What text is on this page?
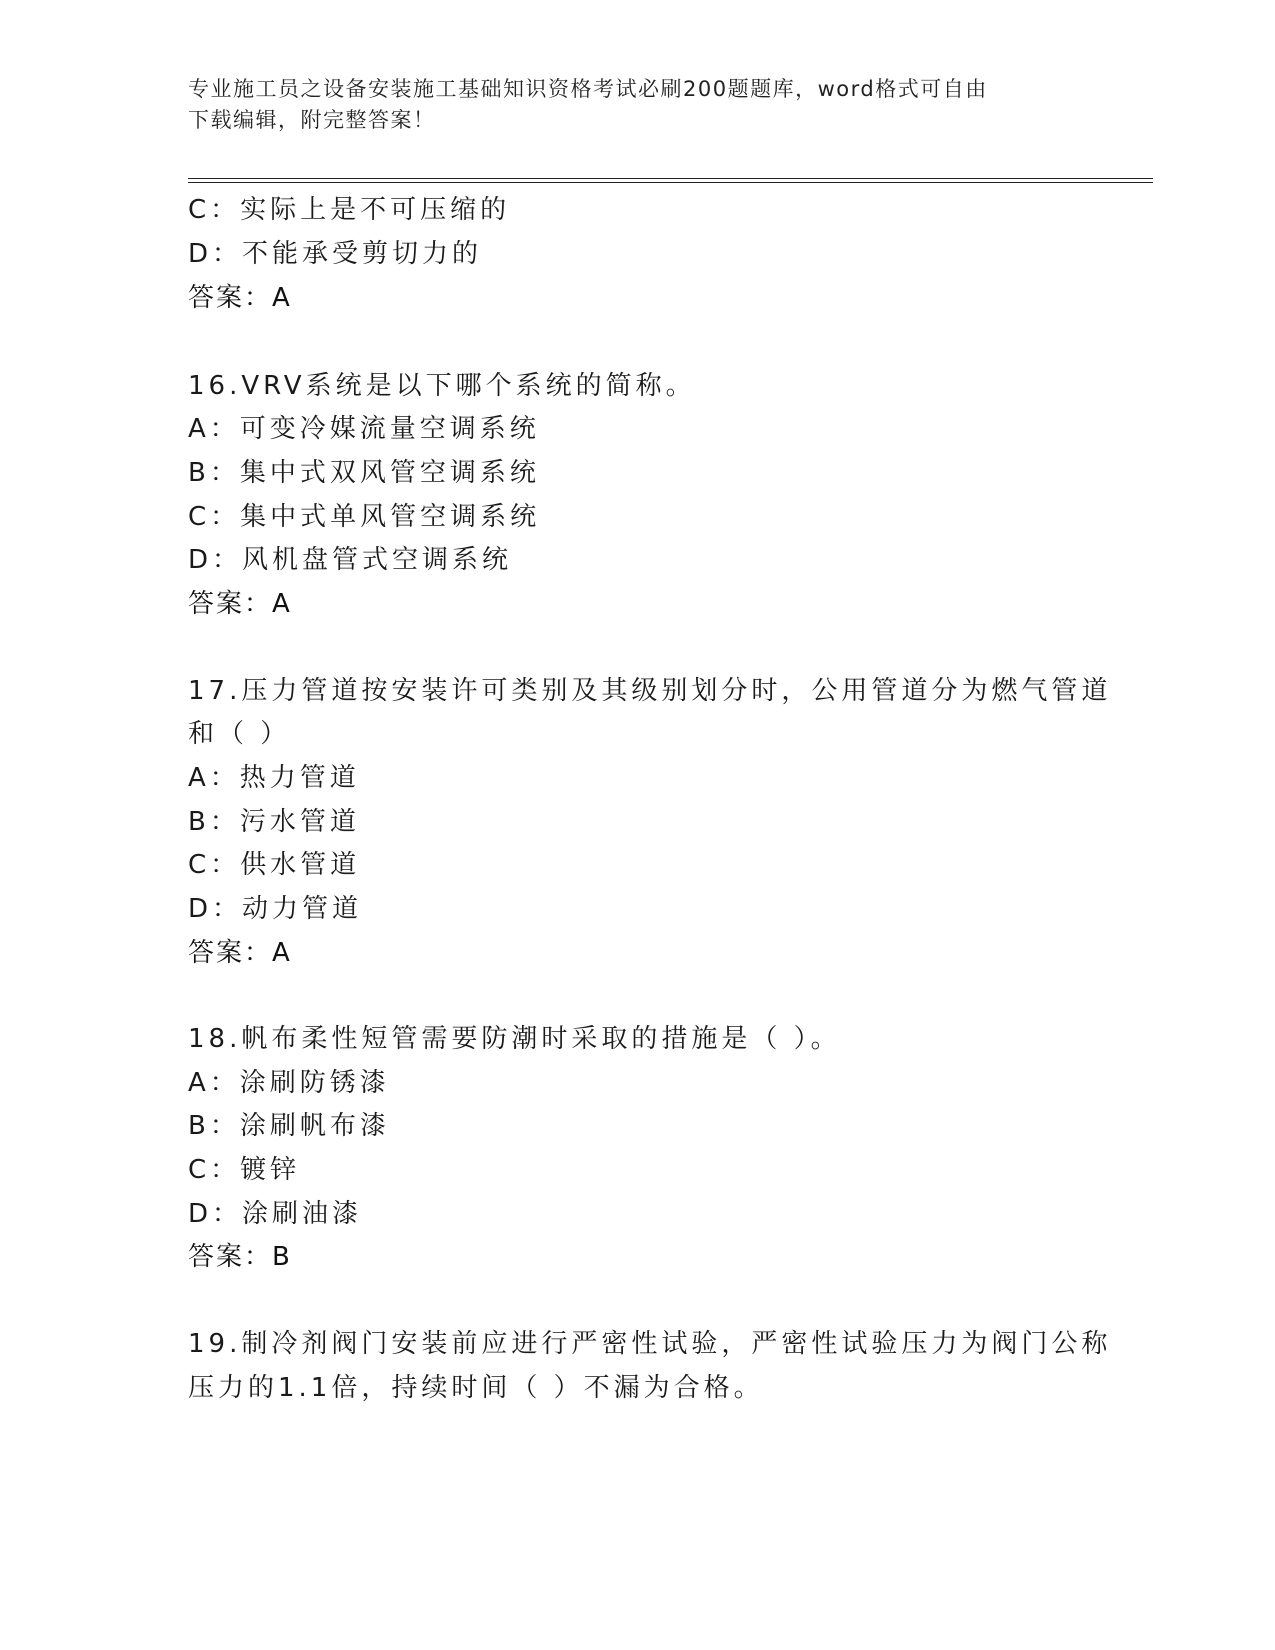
专业施工员之设备安装施工基础知识资格考试必刷200题题库，word格式可自由
下载编辑，附完整答案！
C：实际上是不可压缩的
D：不能承受剪切力的
答案：A
16.VRV系统是以下哪个系统的简称。
A：可变冷媒流量空调系统
B：集中式双风管空调系统
C：集中式单风管空调系统
D：风机盘管式空调系统
答案：A
17.压力管道按安装许可类别及其级别划分时，公用管道分为燃气管道
和（ ）
A：热力管道
B：污水管道
C：供水管道
D：动力管道
答案：A
18.帆布柔性短管需要防潮时采取的措施是（ ）。
A：涂刷防锈漆
B：涂刷帆布漆
C：镀锌
D：涂刷油漆
答案：B
19.制冷剂阀门安装前应进行严密性试验，严密性试验压力为阀门公称
压力的1.1倍，持续时间（ ）不漏为合格。
